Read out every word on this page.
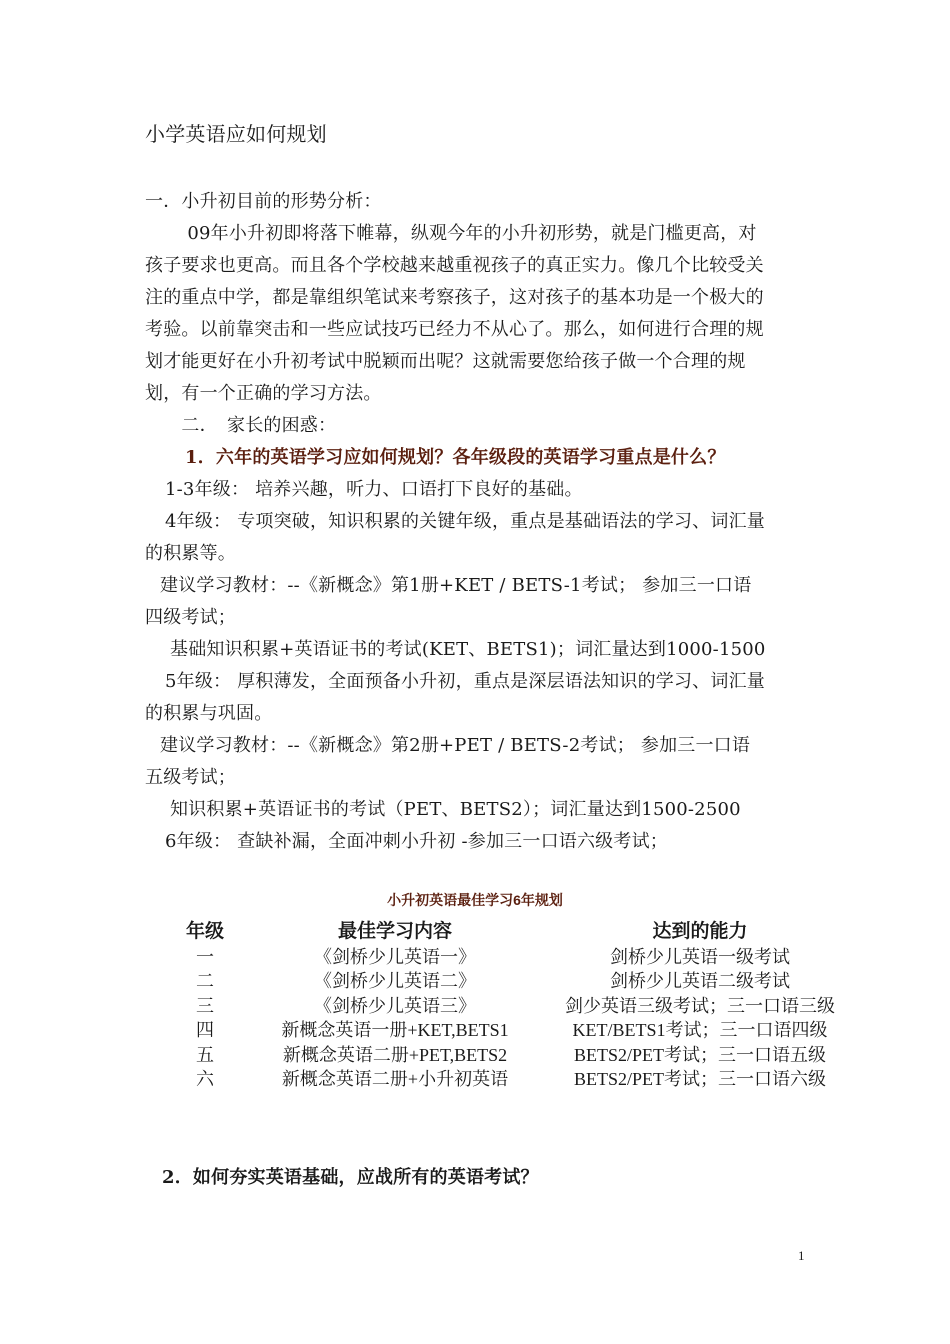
小学英语应如何规划
一．小升初目前的形势分析：
　　 09年小升初即将落下帷幕，纵观今年的小升初形势，就是门槛更高，对
孩子要求也更高。而且各个学校越来越重视孩子的真正实力。像几个比较受关
注的重点中学，都是靠组织笔试来考察孩子，这对孩子的基本功是一个极大的
考验。以前靠突击和一些应试技巧已经力不从心了。那么，如何进行合理的规
划才能更好在小升初考试中脱颖而出呢？这就需要您给孩子做一个合理的规
划，有一个正确的学习方法。
　　二．　家长的困惑：
1．六年的英语学习应如何规划？各年级段的英语学习重点是什么？
1-3年级： 培养兴趣，听力、口语打下良好的基础。
4年级： 专项突破，知识积累的关键年级，重点是基础语法的学习、词汇量
的积累等。
建议学习教材：--《新概念》第1册+KET / BETS-1考试； 参加三一口语
四级考试；
基础知识积累+英语证书的考试(KET、BETS1)；词汇量达到1000-1500
5年级： 厚积薄发，全面预备小升初，重点是深层语法知识的学习、词汇量
的积累与巩固。
建议学习教材：--《新概念》第2册+PET / BETS-2考试； 参加三一口语
五级考试；
知识积累+英语证书的考试（PET、BETS2）；词汇量达到1500-2500
6年级： 查缺补漏，全面冲刺小升初 -参加三一口语六级考试；
小升初英语最佳学习6年规划
年级	最佳学习内容	达到的能力
一	《剑桥少儿英语一》	剑桥少儿英语一级考试
二	《剑桥少儿英语二》	剑桥少儿英语二级考试
三	《剑桥少儿英语三》	剑少英语三级考试；三一口语三级
四	新概念英语一册+KET,BETS1	KET/BETS1考试；三一口语四级
五	新概念英语二册+PET,BETS2	BETS2/PET考试；三一口语五级
六	新概念英语二册+小升初英语	BETS2/PET考试；三一口语六级
2．如何夯实英语基础，应战所有的英语考试？
1
